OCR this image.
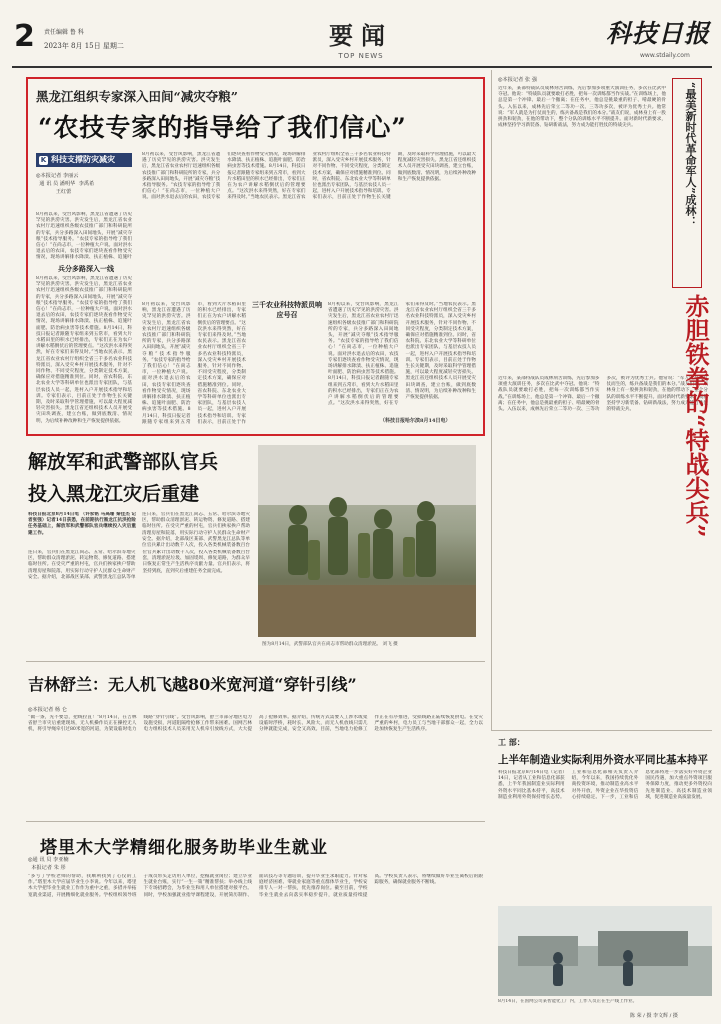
2 责任编辑 鲁 科
2023年 8月 15日 星期二	要闻
TOP NEWS
科技日报
www.stdaily.com
黑龙江组织专家深入田间“减灾夺粮”
“农技专家的指导给了我们信心”
K 科技支撑防灾减灾
◎本报记者 李丽云
通 讯 员 潘明华  李禹希
王红蕾
兵分多路深入一线
8月初以来，受台风影响，黑龙江省遭遇了历史罕见的洪涝灾害。洪灾发生后，黑龙江省农业农村厅迅速组织各级农技推广部门和科研院所的专家，兵分多路深入田间地头，开展“减灾夺粮”技术指导服务。“农技专家的指导给了我们信心！”在尚志市，一位种植大户说。面对洪水退去后的农田，农技专家们逐块查看作物受灾情况，现场讲解排水降渍、扶正植株、追施叶
8月初以来，受台风影响，黑龙江省遭遇了历史罕见的洪涝灾害。洪灾发生后，黑龙江省农业农村厅迅速组织各级农技推广部门和科研院所的专家，兵分多路深入田间地头，开展“减灾夺粮”技术指导服务。“农技专家的指导给了我们信心！”在尚志市，一位种植大户说。面对洪水退去后的农田，农技专家们逐块查看作物受灾情况，现场讲解排水降渍、扶正植株、追施叶面肥、防治病虫害等技术措施。8月14日，科技日报记者跟随专家组来到五常市，看到大片水稻田里的积水已经排出，专家们正在为农户讲解水稻倒伏后的管理要点。“这次洪水来得突然，好在专家们来得及时。”当地农民表示。黑龙江省农业农村厅组织全省三千多名农业科技特派员，深入受灾乡村开展技术服务，针对不同作物、不同受灾程度，分类制定技术方案，确保应对措施精准到位。同时，省农科院、东北农业大学等科研单位也派出专家团队，与基层农技人员一起，进村入户开展技术指导和培训。专家们表示，目前正处于作物生长关键期，及时采取科学管理措施，可以最大程度减轻灾害损失。黑龙江省还组织技术人员开展受灾田块调查，建立台账，做到底数清、情况明，为后续补种改种和生产恢复提供依据。
8月初以来，受台风影响，黑龙江省遭遇了历史罕见的洪涝灾害。洪灾发生后，黑龙江省农业农村厅迅速组织各级农技推广部门和科研院所的专家，兵分多路深入田间地头，开展“减灾夺粮”技术指导服务。“农技专家的指导给了我们信心！”在尚志市，一位种植大户说。面对洪水退去后的农田，农技专家们逐块查看作物受灾情况，现场讲解排水降渍、扶正植株、追施叶面肥、防治病虫害等技术措施。8月14日，科技日报记者跟随专家组来到五常市，看到大片水稻田里的积水已经排出，专家们正在为农户讲解水稻倒伏后的管理要点。“这次洪水来得突然，好在专家们来得及时。”当地农民表示。黑龙江省农业农村厅组织全省三千多名农业科技特派员，深入受灾乡村开展技术服务，针对不同作物、不同受灾程度，分类制定技术方案，确保应对措施精准到位。同时，省农科院、东北农业大学等科研单位也派出专家团队，与基层农技人员一起，进村入户开展技术指导和培训。专家们表示，目前正处于作物生长关键期，及时采取科学管理措施，可以最大程度减轻灾害损失。黑龙江省还组织技术人员开展受灾田块调查，建立台账，做到底数清、情况明，为后续补种改种和生产恢复提供依据。
三千农业科技特派员响应号召
8月初以来，受台风影响，黑龙江省遭遇了历史罕见的洪涝灾害。洪灾发生后，黑龙江省农业农村厅迅速组织各级农技推广部门和科研院所的专家，兵分多路深入田间地头，开展“减灾夺粮”技术指导服务。“农技专家的指导给了我们信心！”在尚志市，一位种植大户说。面对洪水退去后的农田，农技专家们逐块查看作物受灾情况，现场讲解排水降渍、扶正植株、追施叶面肥、防治病虫害等技术措施。8月14日，科技日报记者跟随专家组来到五常市，看到大片水稻田里的积水已经排出，专家们正在为农户讲解水稻倒伏后的管理要点。“这次洪水来得突然，好在专家们来得及时。”当地农民表示。黑龙江省农业农村厅组织全省三千多名农业科技特派员，深入受灾乡村开展技术服务，针对不同作物、不同受灾程度，分类制定技术方案，确保应对措施精准到位。同时，省农科院、东北农业大学等科研单位也派出专家团队，与基层农技人员一起，进村入户开展技术指导和培训。专家们表示，目前正处于作
8月初以来，受台风影响，黑龙江省遭遇了历史罕见的洪涝灾害。洪灾发生后，黑龙江省农业农村厅迅速组织各级农技推广部门和科研院所的专家，兵分多路深入田间地头，开展“减灾夺粮”技术指导服务。“农技专家的指导给了我们信心！”在尚志市，一位种植大户说。面对洪水退去后的农田，农技专家们逐块查看作物受灾情况，现场讲解排水降渍、扶正植株、追施叶面肥、防治病虫害等技术措施。8月14日，科技日报记者跟随专家组来到五常市，看到大片水稻田里的积水已经排出，专家们正在为农户讲解水稻倒伏后的管理要点。“这次洪水来得突然，好在专家们来得及时。”当地农民表示。黑龙江省农业农村厅组织全省三千多名农业科技特派员，深入受灾乡村开展技术服务，针对不同作物、不同受灾程度，分类制定技术方案，确保应对措施精准到位。同时，省农科院、东北农业大学等科研单位也派出专家团队，与基层农技人员一起，进村入户开展技术指导和培训。专家们表示，目前正处于作物生长关键期，及时采取科学管理措施，可以最大程度减轻灾害损失。黑龙江省还组织技术人员开展受灾田块调查，建立台账，做到底数清、情况明，为后续补种改种和生产恢复提供依据。
（科技日报哈尔滨8月14日电）
解放军和武警部队官兵
投入黑龙江灾后重建
科技日报北京8月14日电 （许家铭 马高珊 秦佳杰 记者张强）记者14日获悉，在前期执行黑龙江抗洪抢险任务基础上，解放军和武警部队官兵继续投入灾后重建工作。
连日来，官兵们在黑龙江尚志、五常、哈尔滨等地灾区，帮助群众清理淤泥、转运物资、修复道路、搭建临时住所。在受灾严重的村屯，官兵们挨家挨户帮助清理房屋和院落，用实际行动守护人民群众生命财产安全。据介绍，北部战区某部、武警黑龙江总队等单位官兵累计出动数千人次，投入各类机械装备数百台套，清理淤泥垃圾、加固堤坝、修复道路，为群众早日恢复正常生产生活秩序贡献力量。官兵们表示，将坚持到底，直到灾后重建任务全面完成。
连日来，官兵们在黑龙江尚志、五常、哈尔滨等地灾区，帮助群众清理淤泥、转运物资、修复道路、搭建临时住所。在受灾严重的村屯，官兵们挨家挨户帮助清理房屋和院落，用实际行动守护人民群众生命财产安全。据介绍，北部战区某部、武警黑龙江总队等单位官兵累计出动数千人次，投入各类机械装备数百台
图为8月14日，武警部队官兵在尚志市帮助群众清理淤泥。 刘飞 摄
吉林舒兰：无人机飞越80米宽河道“穿针引线”
◎本报记者 杨 仑
“做一条，先不要急，把线拉直！”8月14日，在吉林省舒兰市灾后重建现场，无人机操作员正在操控无人机，将引导绳牵引过80米宽的河道，为架设临时电力线路“穿针引线”。受台风影响，舒兰市部分地区电力设施受损，河道阻隔给抢修工作带来困难。国网吉林电力组织技术人员采用无人机牵引放线方式，大大提高了抢修效率。据介绍，传统方式需要人工涉水或架设临时浮桥，耗时长、风险大，而无人机放线只需几分钟就能完成，安全又高效。目前，当地电力抢修工作正在有序推进，受损线路正陆续恢复供电。在受灾严重的乡村，电力员工与当地干部群众一起，全力以赴加快恢复生产生活秩序。
塔里木大学精细化服务助毕业生就业
◎通 讯 员 李亚楠
本报记者 朱 彤
“多亏了学校老师的帮助，我顺利找到了心仪的工作。”塔里木大学应届毕业生小李说。今年以来，塔里木大学把毕业生就业工作作为重中之重，多措并举拓宽就业渠道，开展精细化就业服务。学校组织领导班子成员带头走访用人单位，挖掘就业岗位；建立毕业生就业台账，实行“一生一策”精准帮扶；举办线上线下专场招聘会，为毕业生和用人单位搭建对接平台。同时，学校加强就业指导课程建设，开展简历制作、面试技巧等专题培训，提升毕业生求职能力。针对家庭经济困难、零就业家庭等重点群体毕业生，学校安排专人一对一帮扶，优先推荐岗位。截至目前，学校毕业生就业去向落实率稳步提升，就业质量持续提高。学校负责人表示，将继续做好毕业生离校后的跟踪服务，确保就业服务不断线。
◎本报记者 张 强
近年来，某部特战队员成林刻苦训练，先后参加多项重大演训任务，多次在比武中夺冠。他说：“特战队员就要敢打必胜，把每一次训练都当作实战。”在训练场上，他总是第一个冲锋、最后一个撤离；在任务中，他总是挑最重的担子、啃最硬的骨头。入伍以来，成林先后荣立二等功一次、三等功多次，被评为优秀士兵。他常说：“军人就是为打仗而生的，练兵备战是我们的本分。”战友们说，成林身上有一股拼劲和韧劲，在他的带动下，整个分队的训练水平不断提升。面对新时代新要求，成林坚持学习新装备、钻研新战法，努力成为能打胜仗的特战尖兵。
近年来，某部特战队员成林刻苦训练，先后参加多项重大演训任务，多次在比武中夺冠。他说：“特战队员就要敢打必胜，把每一次训练都当作实战。”在训练场上，他总是第一个冲锋、最后一个撤离；在任务中，他总是挑最重的担子、啃最硬的骨头。入伍以来，成林先后荣立二等功一次、三等功多次，被评为优秀士兵。他常说：“军人就是为打仗而生的，练兵备战是我们的本分。”战友们说，成林身上有一股拼劲和韧劲，在他的带动下，整个分队的训练水平不断提升。面对新时代新要求，成林坚持学习新装备、钻研新战法，努力成为能打胜仗的特战尖兵。
“最美新时代革命军人”成林：
赤胆铁拳的“特战尖兵”
工 部：
上半年制造业实际利用外资水平同比基本持平
科技日报北京8月14日电（记者）14日，记者从工业和信息化部获悉，上半年我国制造业实际利用外资水平同比基本持平，高技术制造业利用外资保持增长态势。工业和信息化部相关负责人介绍，今年以来，我国持续优化外商投资环境，推动制造业高水平对外开放，外资企业在华投资信心持续稳定。下一步，工业和信息化部将进一步落实好外资企业国民待遇，加大重点外资项目服务保障力度，推动更多外资投向先进制造业、高技术制造业领域，促进制造业高质量发展。
8月14日，在国网公司某智能化工厂内，工作人员正在生产线上作业。
陈 荣 / 摄 李文辉 / 摄
